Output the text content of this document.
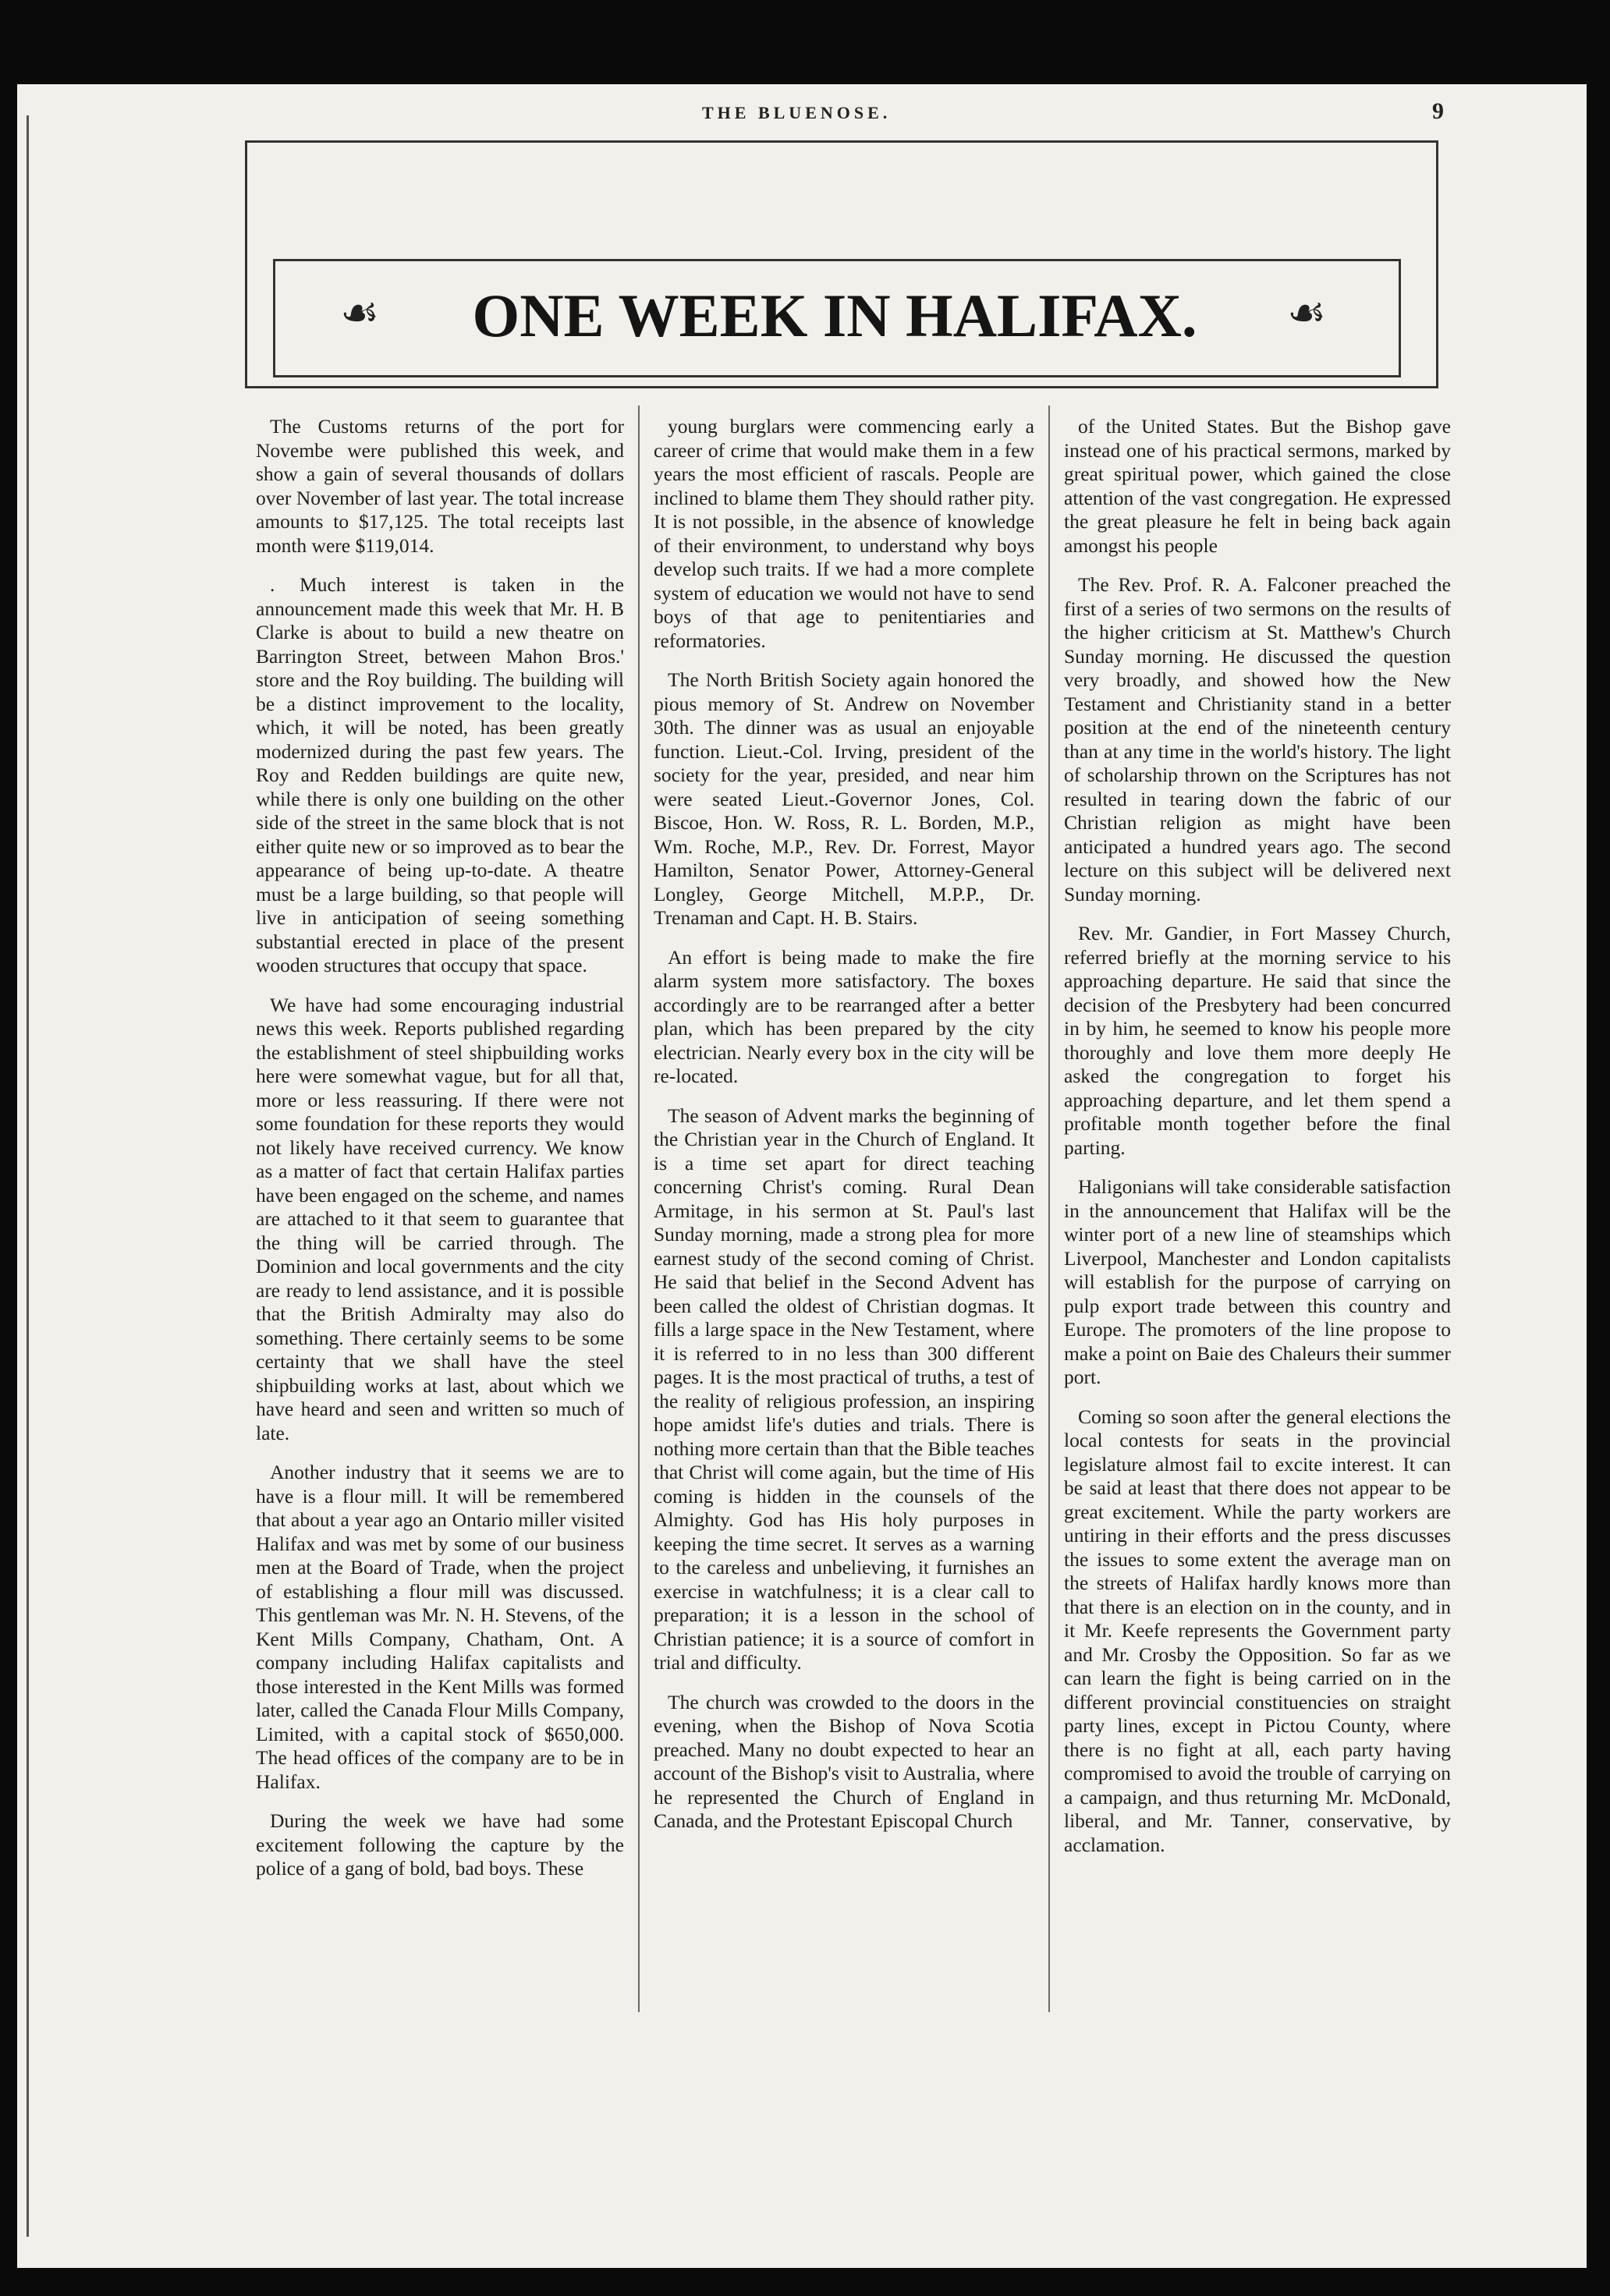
THE BLUENOSE.	9
☙	ONE WEEK IN HALIFAX.	☙

The Customs returns of the port for Novembe were published this week, and show a gain of several thousands of dollars over November of last year. The total increase amounts to $17,125. The total receipts last month were $119,014.

. Much interest is taken in the announcement made this week that Mr. H. B Clarke is about to build a new theatre on Barrington Street, between Mahon Bros.' store and the Roy building. The building will be a distinct improvement to the locality, which, it will be noted, has been greatly modernized during the past few years. The Roy and Redden buildings are quite new, while there is only one building on the other side of the street in the same block that is not either quite new or so improved as to bear the appearance of being up-to-date. A theatre must be a large building, so that people will live in anticipation of seeing something substantial erected in place of the present wooden structures that occupy that space.

We have had some encouraging industrial news this week. Reports published regarding the establishment of steel shipbuilding works here were somewhat vague, but for all that, more or less reassuring. If there were not some foundation for these reports they would not likely have received currency. We know as a matter of fact that certain Halifax parties have been engaged on the scheme, and names are attached to it that seem to guarantee that the thing will be carried through. The Dominion and local governments and the city are ready to lend assistance, and it is possible that the British Admiralty may also do something. There certainly seems to be some certainty that we shall have the steel shipbuilding works at last, about which we have heard and seen and written so much of late.

Another industry that it seems we are to have is a flour mill. It will be remembered that about a year ago an Ontario miller visited Halifax and was met by some of our business men at the Board of Trade, when the project of establishing a flour mill was discussed. This gentleman was Mr. N. H. Stevens, of the Kent Mills Company, Chatham, Ont. A company including Halifax capitalists and those interested in the Kent Mills was formed later, called the Canada Flour Mills Company, Limited, with a capital stock of $650,000. The head offices of the company are to be in Halifax.

During the week we have had some excitement following the capture by the police of a gang of bold, bad boys. These

young burglars were commencing early a career of crime that would make them in a few years the most efficient of rascals. People are inclined to blame them They should rather pity. It is not possible, in the absence of knowledge of their environment, to understand why boys develop such traits. If we had a more complete system of education we would not have to send boys of that age to penitentiaries and reformatories.

The North British Society again honored the pious memory of St. Andrew on November 30th. The dinner was as usual an enjoyable function. Lieut.-Col. Irving, president of the society for the year, presided, and near him were seated Lieut.-Governor Jones, Col. Biscoe, Hon. W. Ross, R. L. Borden, M.P., Wm. Roche, M.P., Rev. Dr. Forrest, Mayor Hamilton, Senator Power, Attorney-General Longley, George Mitchell, M.P.P., Dr. Trenaman and Capt. H. B. Stairs.

An effort is being made to make the fire alarm system more satisfactory. The boxes accordingly are to be rearranged after a better plan, which has been prepared by the city electrician. Nearly every box in the city will be re-located.

The season of Advent marks the beginning of the Christian year in the Church of England. It is a time set apart for direct teaching concerning Christ's coming. Rural Dean Armitage, in his sermon at St. Paul's last Sunday morning, made a strong plea for more earnest study of the second coming of Christ. He said that belief in the Second Advent has been called the oldest of Christian dogmas. It fills a large space in the New Testament, where it is referred to in no less than 300 different pages. It is the most practical of truths, a test of the reality of religious profession, an inspiring hope amidst life's duties and trials. There is nothing more certain than that the Bible teaches that Christ will come again, but the time of His coming is hidden in the counsels of the Almighty. God has His holy purposes in keeping the time secret. It serves as a warning to the careless and unbelieving, it furnishes an exercise in watchfulness; it is a clear call to preparation; it is a lesson in the school of Christian patience; it is a source of comfort in trial and difficulty.

The church was crowded to the doors in the evening, when the Bishop of Nova Scotia preached. Many no doubt expected to hear an account of the Bishop's visit to Australia, where he represented the Church of England in Canada, and the Protestant Episcopal Church

of the United States. But the Bishop gave instead one of his practical sermons, marked by great spiritual power, which gained the close attention of the vast congregation. He expressed the great pleasure he felt in being back again amongst his people

The Rev. Prof. R. A. Falconer preached the first of a series of two sermons on the results of the higher criticism at St. Matthew's Church Sunday morning. He discussed the question very broadly, and showed how the New Testament and Christianity stand in a better position at the end of the nineteenth century than at any time in the world's history. The light of scholarship thrown on the Scriptures has not resulted in tearing down the fabric of our Christian religion as might have been anticipated a hundred years ago. The second lecture on this subject will be delivered next Sunday morning.

Rev. Mr. Gandier, in Fort Massey Church, referred briefly at the morning service to his approaching departure. He said that since the decision of the Presbytery had been concurred in by him, he seemed to know his people more thoroughly and love them more deeply He asked the congregation to forget his approaching departure, and let them spend a profitable month together before the final parting.

Haligonians will take considerable satisfaction in the announcement that Halifax will be the winter port of a new line of steamships which Liverpool, Manchester and London capitalists will establish for the purpose of carrying on pulp export trade between this country and Europe. The promoters of the line propose to make a point on Baie des Chaleurs their summer port.

Coming so soon after the general elections the local contests for seats in the provincial legislature almost fail to excite interest. It can be said at least that there does not appear to be great excitement. While the party workers are untiring in their efforts and the press discusses the issues to some extent the average man on the streets of Halifax hardly knows more than that there is an election on in the county, and in it Mr. Keefe represents the Government party and Mr. Crosby the Opposition. So far as we can learn the fight is being carried on in the different provincial constituencies on straight party lines, except in Pictou County, where there is no fight at all, each party having compromised to avoid the trouble of carrying on a campaign, and thus returning Mr. McDonald, liberal, and Mr. Tanner, conservative, by acclamation.
